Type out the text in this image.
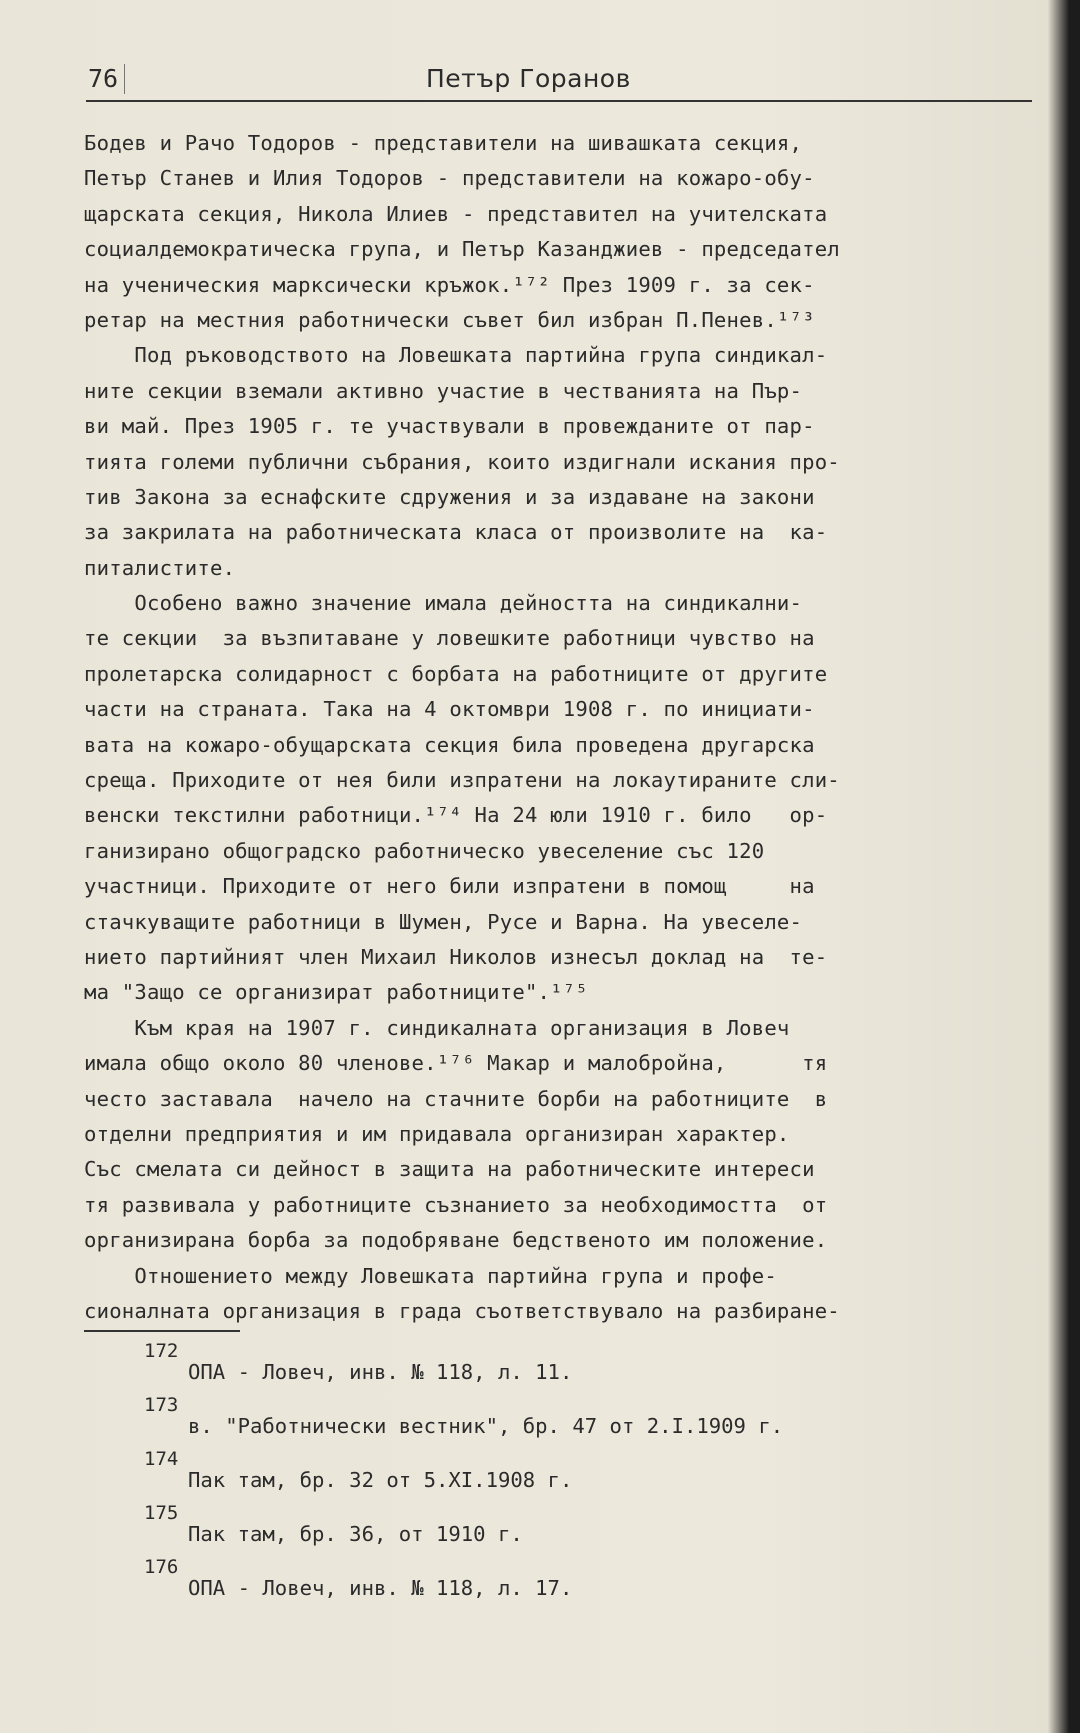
76	Петър Горанов
Бодев и Рачо Тодоров - представители на шивашката секция,
Петър Станев и Илия Тодоров - представители на кожаро-обу-
щарската секция, Никола Илиев - представител на учителската
социалдемократическа група, и Петър Казанджиев - председател
на ученическия марксически кръжок.¹⁷² През 1909 г. за сек-
ретар на местния работнически съвет бил избран П.Пенев.¹⁷³
Под ръководството на Ловешката партийна група синдикал-
ните секции вземали активно участие в честванията на Пър-
ви май. През 1905 г. те участвували в провежданите от пар-
тията големи публични събрания, които издигнали искания про-
тив Закона за еснафските сдружения и за издаване на закони
за закрилата на работническата класа от произволите на  ка-
питалистите.
Особено важно значение имала дейността на синдикални-
те секции  за възпитаване у ловешките работници чувство на
пролетарска солидарност с борбата на работниците от другите
части на страната. Така на 4 октомври 1908 г. по инициати-
вата на кожаро-обущарската секция била проведена другарска
среща. Приходите от нея били изпратени на локаутираните сли-
венски текстилни работници.¹⁷⁴ На 24 юли 1910 г. било   ор-
ганизирано общоградско работническо увеселение със 120
участници. Приходите от него били изпратени в помощ     на
стачкуващите работници в Шумен, Русе и Варна. На увеселе-
нието партийният член Михаил Николов изнесъл доклад на  те-
ма "Защо се организират работниците".¹⁷⁵
Към края на 1907 г. синдикалната организация в Ловеч
имала общо около 80 членове.¹⁷⁶ Макар и малобройна,      тя
често заставала  начело на стачните борби на работниците  в
отделни предприятия и им придавала организиран характер.
Със смелата си дейност в защита на работническите интереси
тя развивала у работниците съзнанието за необходимостта  от
организирана борба за подобряване бедственото им положение.
Отношението между Ловешката партийна група и профе-
сионалната организация в града съответствувало на разбиране-

172

ОПА - Ловеч, инв. № 118, л. 11.

173

в. "Работнически вестник", бр. 47 от 2.I.1909 г.

174

Пак там, бр. 32 от 5.XI.1908 г.

175

Пак там, бр. 36, от 1910 г.

176

ОПА - Ловеч, инв. № 118, л. 17.
